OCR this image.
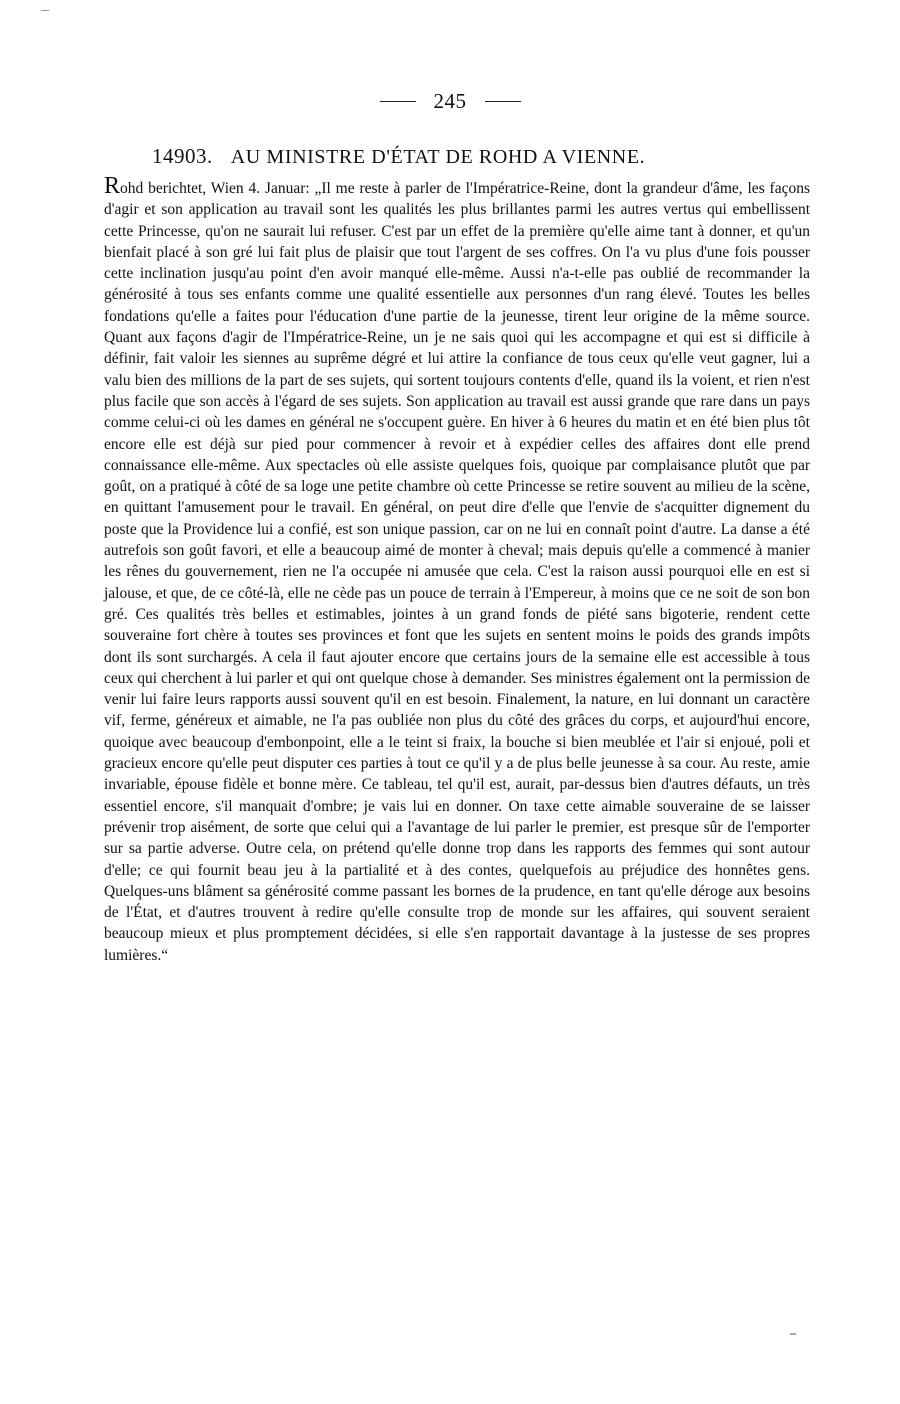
245
14903. AU MINISTRE D'ÉTAT DE ROHD A VIENNE.

Rohd berichtet, Wien 4. Januar: „Il me reste à parler de l'Impératrice-Reine, dont la grandeur d'âme, les façons d'agir et son application au travail sont les qualités les plus brillantes parmi les autres vertus qui embellissent cette Princesse, qu'on ne saurait lui refuser. C'est par un effet de la première qu'elle aime tant à donner, et qu'un bienfait placé à son gré lui fait plus de plaisir que tout l'argent de ses coffres. On l'a vu plus d'une fois pousser cette inclination jusqu'au point d'en avoir manqué elle-même. Aussi n'a-t-elle pas oublié de recommander la générosité à tous ses enfants comme une qualité essentielle aux personnes d'un rang élevé. Toutes les belles fondations qu'elle a faites pour l'éducation d'une partie de la jeunesse, tirent leur origine de la même source. Quant aux façons d'agir de l'Impératrice-Reine, un je ne sais quoi qui les accompagne et qui est si difficile à définir, fait valoir les siennes au suprême dégré et lui attire la confiance de tous ceux qu'elle veut gagner, lui a valu bien des millions de la part de ses sujets, qui sortent toujours contents d'elle, quand ils la voient, et rien n'est plus facile que son accès à l'égard de ses sujets. Son application au travail est aussi grande que rare dans un pays comme celui-ci où les dames en général ne s'occupent guère. En hiver à 6 heures du matin et en été bien plus tôt encore elle est déjà sur pied pour commencer à revoir et à expédier celles des affaires dont elle prend connaissance elle-même. Aux spectacles où elle assiste quelques fois, quoique par complaisance plutôt que par goût, on a pratiqué à côté de sa loge une petite chambre où cette Princesse se retire souvent au milieu de la scène, en quittant l'amusement pour le travail. En général, on peut dire d'elle que l'envie de s'acquitter dignement du poste que la Providence lui a confié, est son unique passion, car on ne lui en connaît point d'autre. La danse a été autrefois son goût favori, et elle a beaucoup aimé de monter à cheval; mais depuis qu'elle a commencé à manier les rênes du gouvernement, rien ne l'a occupée ni amusée que cela. C'est la raison aussi pourquoi elle en est si jalouse, et que, de ce côté-là, elle ne cède pas un pouce de terrain à l'Empereur, à moins que ce ne soit de son bon gré. Ces qualités très belles et estimables, jointes à un grand fonds de piété sans bigoterie, rendent cette souveraine fort chère à toutes ses provinces et font que les sujets en sentent moins le poids des grands impôts dont ils sont surchargés. A cela il faut ajouter encore que certains jours de la semaine elle est accessible à tous ceux qui cherchent à lui parler et qui ont quelque chose à demander. Ses ministres également ont la permission de venir lui faire leurs rapports aussi souvent qu'il en est besoin. Finalement, la nature, en lui donnant un caractère vif, ferme, généreux et aimable, ne l'a pas oubliée non plus du côté des grâces du corps, et aujourd'hui encore, quoique avec beaucoup d'embonpoint, elle a le teint si fraix, la bouche si bien meublée et l'air si enjoué, poli et gracieux encore qu'elle peut disputer ces parties à tout ce qu'il y a de plus belle jeunesse à sa cour. Au reste, amie invariable, épouse fidèle et bonne mère. Ce tableau, tel qu'il est, aurait, par-dessus bien d'autres défauts, un très essentiel encore, s'il manquait d'ombre; je vais lui en donner. On taxe cette aimable souveraine de se laisser prévenir trop aisément, de sorte que celui qui a l'avantage de lui parler le premier, est presque sûr de l'emporter sur sa partie adverse. Outre cela, on prétend qu'elle donne trop dans les rapports des femmes qui sont autour d'elle; ce qui fournit beau jeu à la partialité et à des contes, quelquefois au préjudice des honnêtes gens. Quelques-uns blâment sa générosité comme passant les bornes de la prudence, en tant qu'elle déroge aux besoins de l'État, et d'autres trouvent à redire qu'elle consulte trop de monde sur les affaires, qui souvent seraient beaucoup mieux et plus promptement décidées, si elle s'en rapportait davantage à la justesse de ses propres lumières.“
